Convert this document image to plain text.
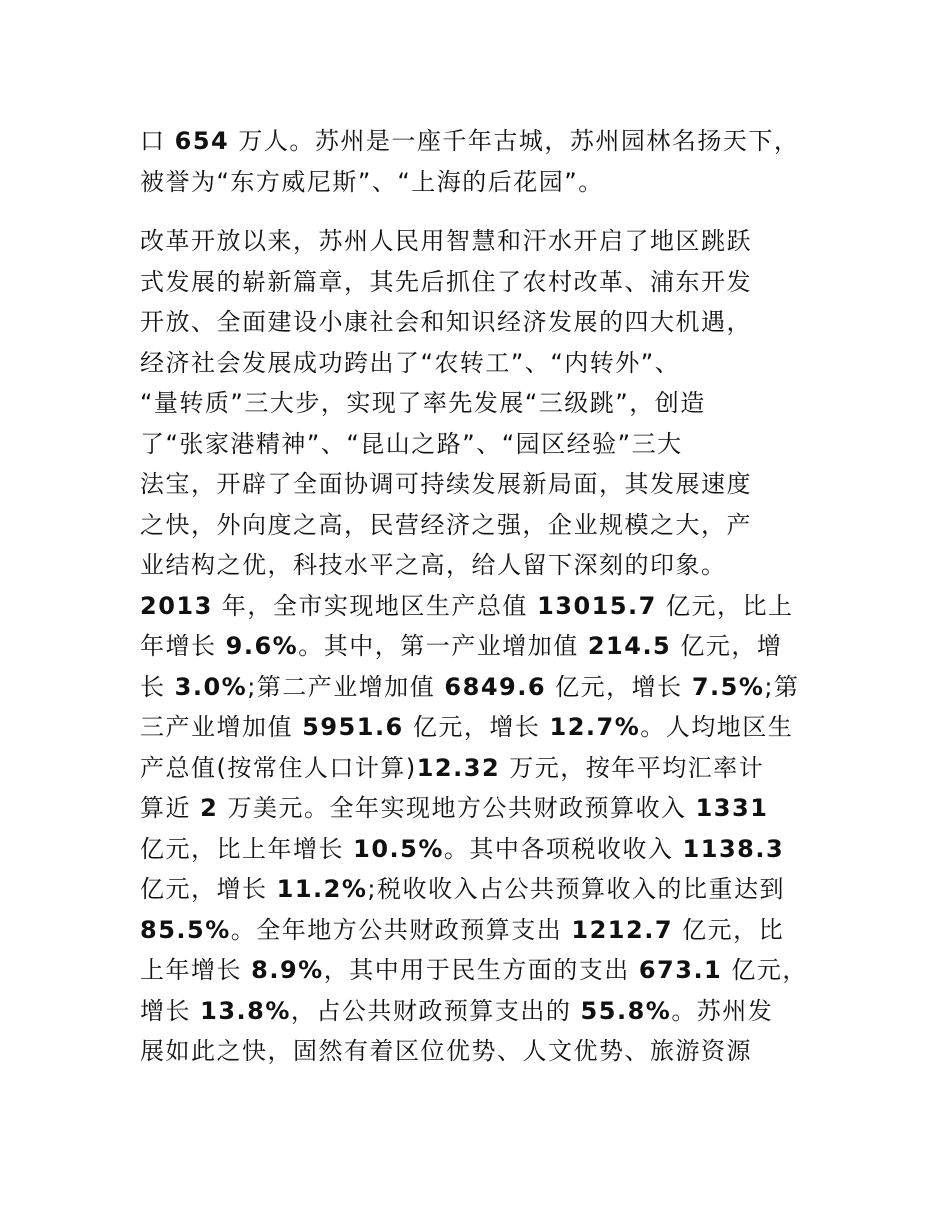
口 654 万人。苏州是一座千年古城，苏州园林名扬天下，
被誉为“东方威尼斯”、“上海的后花园”。
改革开放以来，苏州人民用智慧和汗水开启了地区跳跃
式发展的崭新篇章，其先后抓住了农村改革、浦东开发
开放、全面建设小康社会和知识经济发展的四大机遇，
经济社会发展成功跨出了“农转工”、“内转外”、
“量转质”三大步，实现了率先发展“三级跳”，创造
了“张家港精神”、“昆山之路”、“园区经验”三大
法宝，开辟了全面协调可持续发展新局面，其发展速度
之快，外向度之高，民营经济之强，企业规模之大，产
业结构之优，科技水平之高，给人留下深刻的印象。
2013 年，全市实现地区生产总值 13015.7 亿元，比上
年增长 9.6%。其中，第一产业增加值 214.5 亿元，增
长 3.0%;第二产业增加值 6849.6 亿元，增长 7.5%;第
三产业增加值 5951.6 亿元，增长 12.7%。人均地区生
产总值(按常住人口计算)12.32 万元，按年平均汇率计
算近 2 万美元。全年实现地方公共财政预算收入 1331
亿元，比上年增长 10.5%。其中各项税收收入 1138.3
亿元，增长 11.2%;税收收入占公共预算收入的比重达到
85.5%。全年地方公共财政预算支出 1212.7 亿元，比
上年增长 8.9%，其中用于民生方面的支出 673.1 亿元，
增长 13.8%，占公共财政预算支出的 55.8%。苏州发
展如此之快，固然有着区位优势、人文优势、旅游资源
